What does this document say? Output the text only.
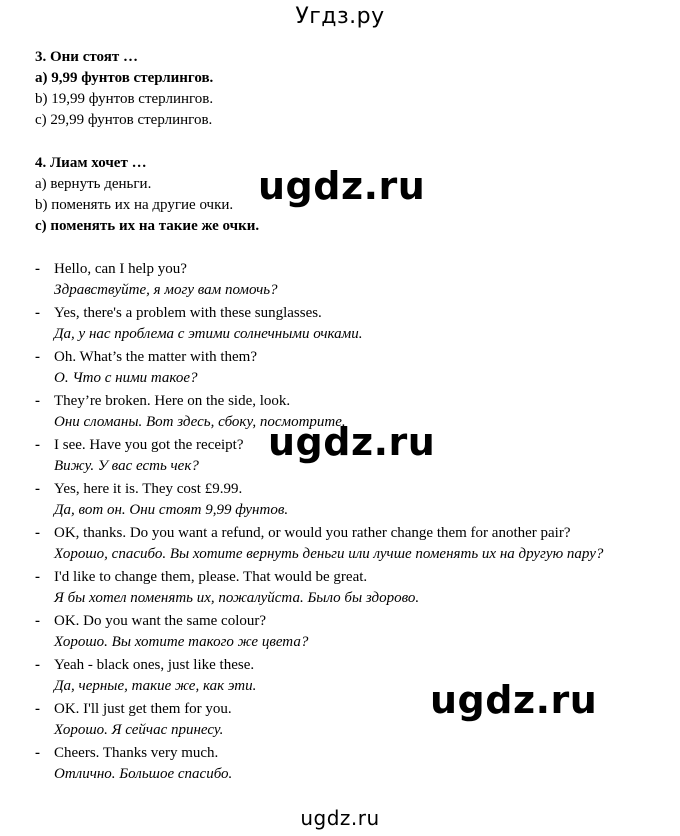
Угдз.ру
3. Они стоят …
a) 9,99 фунтов стерлингов.
b) 19,99 фунтов стерлингов.
c) 29,99 фунтов стерлингов.
4. Лиам хочет …
a) вернуть деньги.
b) поменять их на другие очки.
c) поменять их на такие же очки.
- Hello, can I help you?
Здравствуйте, я могу вам помочь?
- Yes, there's a problem with these sunglasses.
Да, у нас проблема с этими солнечными очками.
- Oh. What’s the matter with them?
О. Что с ними такое?
- They’re broken. Here on the side, look.
Они сломаны. Вот здесь, сбоку, посмотрите.
- I see. Have you got the receipt?
Вижу. У вас есть чек?
- Yes, here it is. They cost £9.99.
Да, вот он. Они стоят 9,99 фунтов.
- OK, thanks. Do you want a refund, or would you rather change them for another pair?
Хорошо, спасибо. Вы хотите вернуть деньги или лучше поменять их на другую пару?
- I'd like to change them, please. That would be great.
Я бы хотел поменять их, пожалуйста. Было бы здорово.
- OK. Do you want the same colour?
Хорошо. Вы хотите такого же цвета?
- Yeah - black ones, just like these.
Да, черные, такие же, как эти.
- OK. I'll just get them for you.
Хорошо. Я сейчас принесу.
- Cheers. Thanks very much.
Отлично. Большое спасибо.
ugdz.ru
ugdz.ru
ugdz.ru
ugdz.ru
